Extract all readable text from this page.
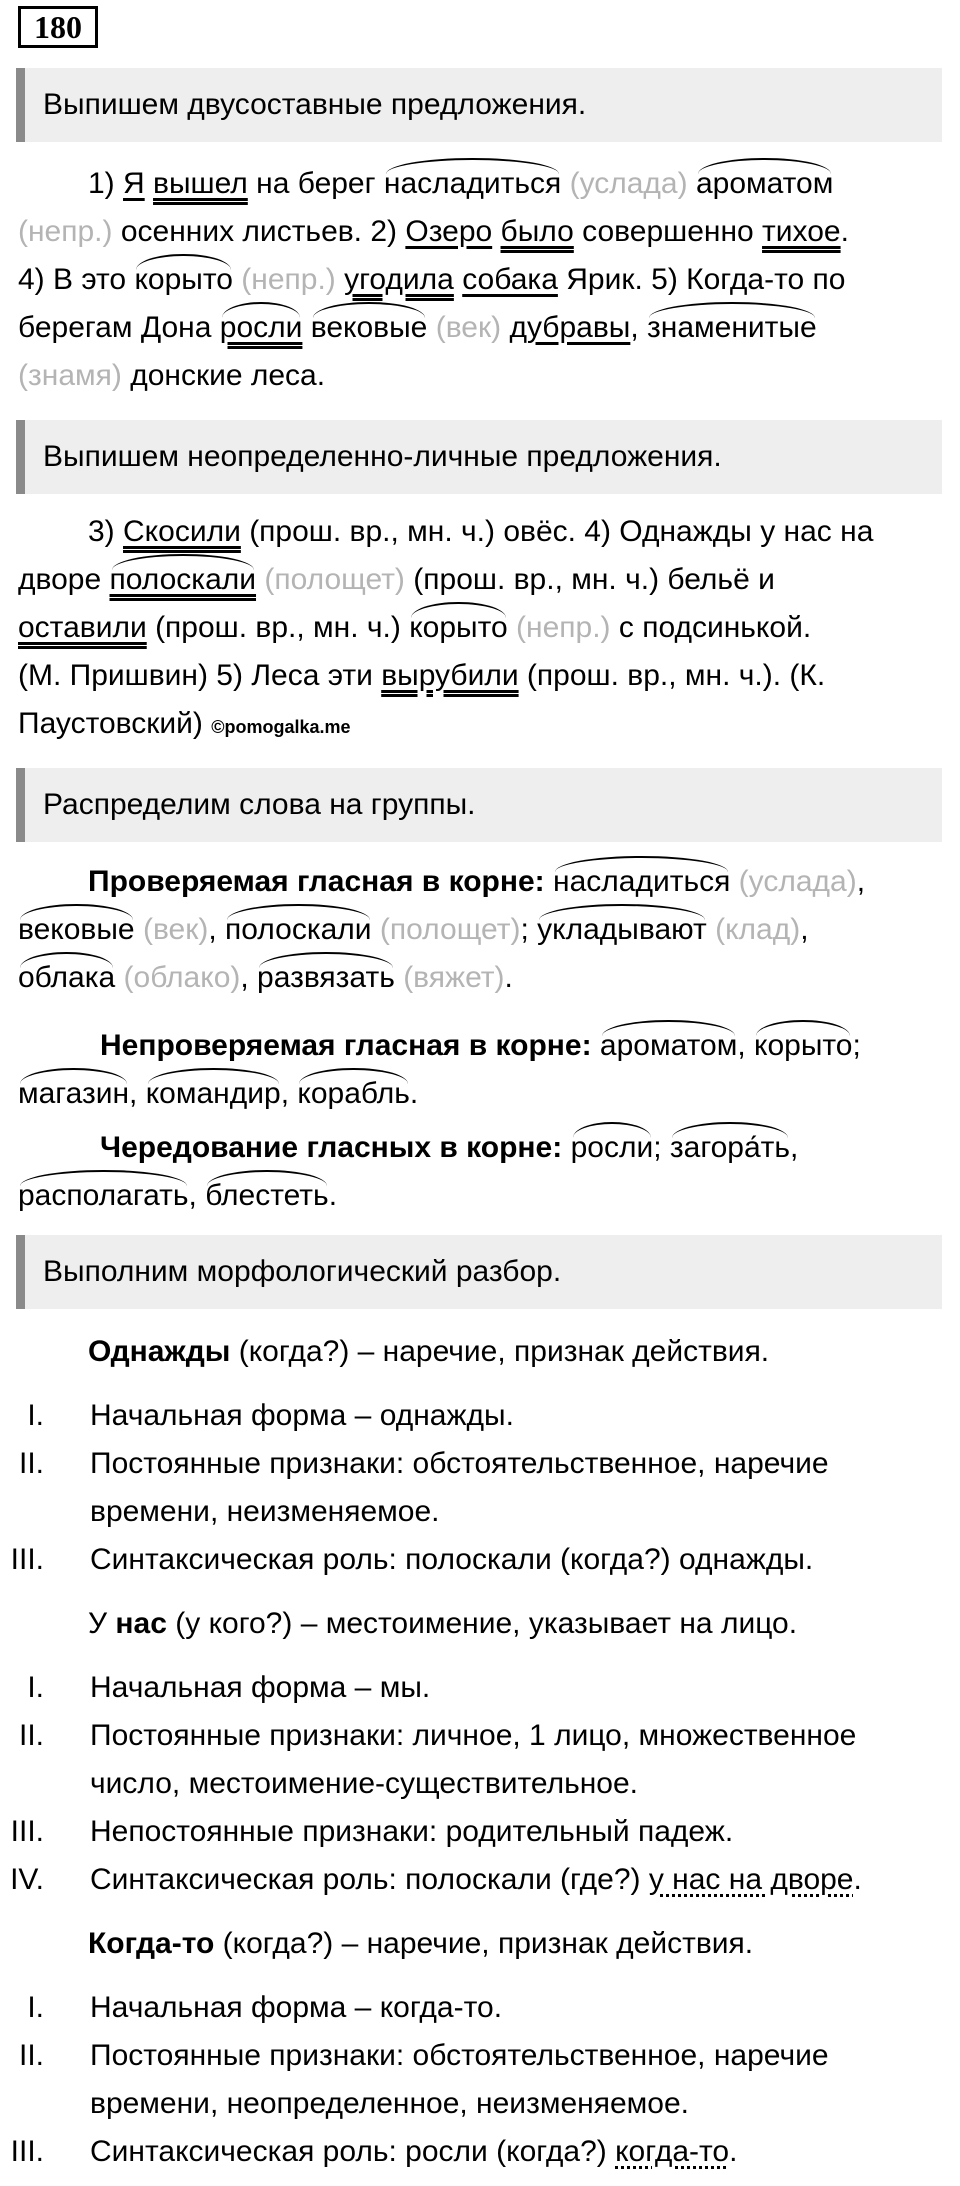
180
Выпишем двусоставные предложения.
1) Я вышел на берег насладиться (услада) ароматом
(непр.) осенних листьев. 2) Озеро было совершенно тихое.
4) В это корыто (непр.) угодила собака Ярик. 5) Когда-то по
берегам Дона росли вековые (век) дубравы, знаменитые
(знамя) донские леса.
Выпишем неопределенно-личные предложения.
3) Скосили (прош. вр., мн. ч.) овёс. 4) Однажды у нас на
дворе полоскали (полощет) (прош. вр., мн. ч.) бельё и
оставили (прош. вр., мн. ч.) корыто (непр.) с подсинькой.
(М. Пришвин) 5) Леса эти вырубили (прош. вр., мн. ч.). (К.
Паустовский) ©pomogalka.me
Распределим слова на группы.
Проверяемая гласная в корне: насладиться (услада),
вековые (век), полоскали (полощет); укладывают (клад),
облака (облако), развязать (вяжет).
Непроверяемая гласная в корне: ароматом, корыто;
магазин, командир, корабль.
Чередование гласных в корне: росли; загора́ть,
располагать, блестеть.
Выполним морфологический разбор.
Однажды (когда?) – наречие, признак действия.
I. Начальная форма – однажды.
II. Постоянные признаки: обстоятельственное, наречие
времени, неизменяемое.
III. Синтаксическая роль: полоскали (когда?) однажды.
У нас (у кого?) – местоимение, указывает на лицо.
I. Начальная форма – мы.
II. Постоянные признаки: личное, 1 лицо, множественное
число, местоимение-существительное.
III. Непостоянные признаки: родительный падеж.
IV. Синтаксическая роль: полоскали (где?) у нас на дворе.
Когда-то (когда?) – наречие, признак действия.
I. Начальная форма – когда-то.
II. Постоянные признаки: обстоятельственное, наречие
времени, неопределенное, неизменяемое.
III. Синтаксическая роль: росли (когда?) когда-то.
